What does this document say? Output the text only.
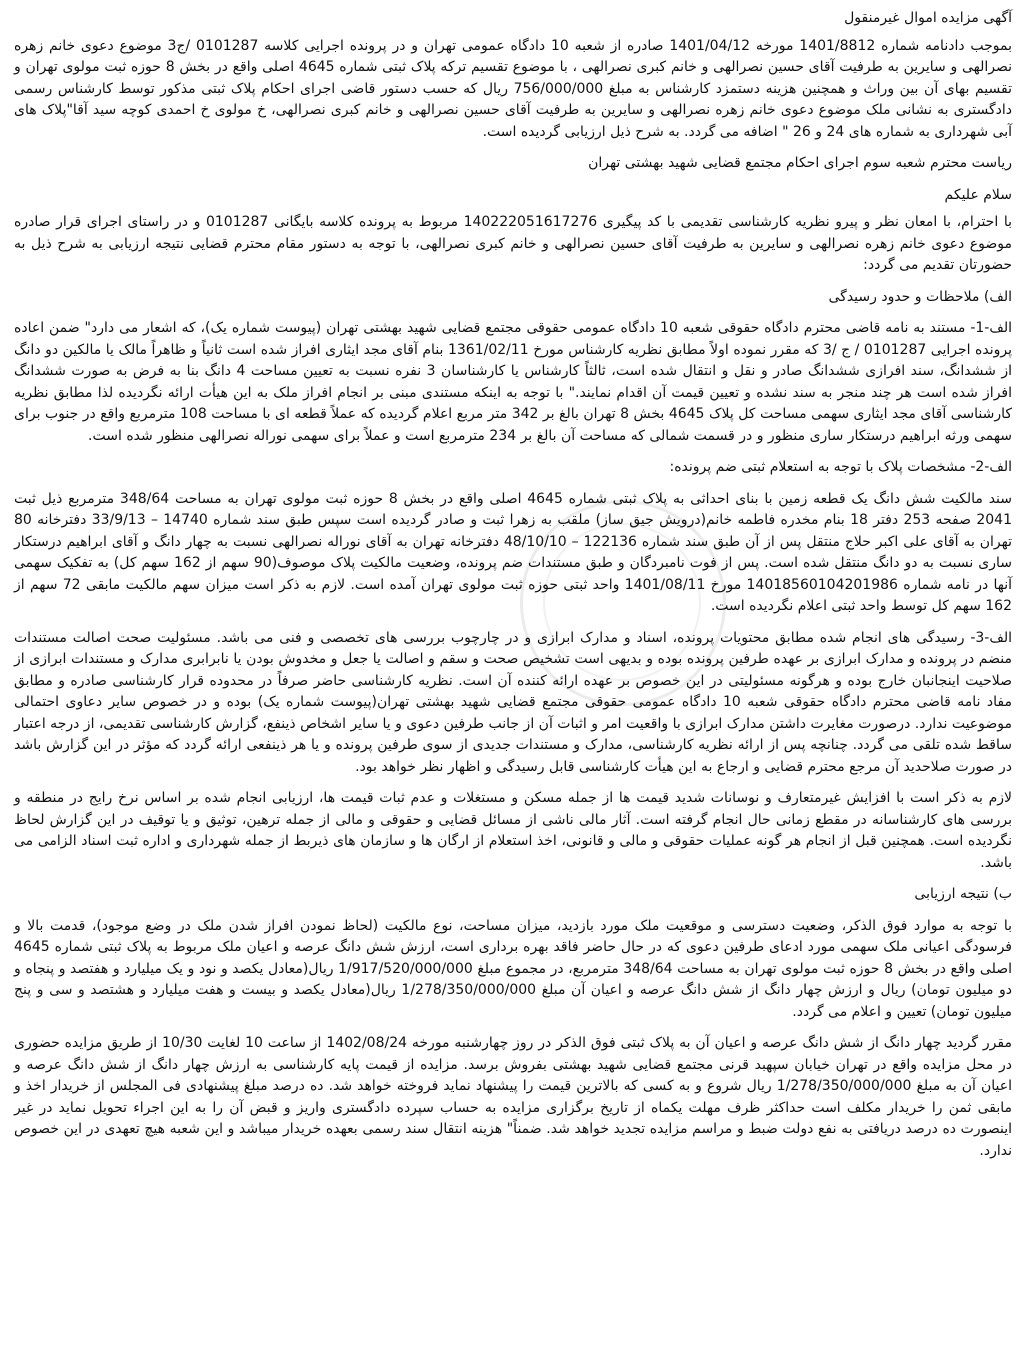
آگهی مزایده اموال غیرمنقول

بموجب دادنامه شماره 1401/8812 مورخه 1401/04/12 صادره از شعبه 10 دادگاه عمومی تهران و در پرونده اجرایی کلاسه 0101287 /ج3 موضوع دعوی خانم زهره نصرالهی و سایرین به طرفیت آقای حسین نصرالهی و خانم کبری نصرالهی ، با موضوع تقسیم ترکه پلاک ثبتی شماره 4645 اصلی واقع در بخش 8 حوزه ثبت مولوی تهران و تقسیم بهای آن بین وراث و همچنین هزینه دستمزد کارشناس به مبلغ 756/000/000 ریال که حسب دستور قاضی اجرای احکام پلاک ثبتی مذکور توسط کارشناس رسمی دادگستری به نشانی ملک موضوع دعوی خانم زهره نصرالهی و سایرین به طرفیت آقای حسین نصرالهی و خانم کبری نصرالهی، خ مولوی خ احمدی کوچه سید آقا"پلاک های آبی شهرداری به شماره های 24 و 26 " اضافه می گردد. به شرح ذیل ارزیابی گردیده است.

ریاست محترم شعبه سوم اجرای احکام مجتمع قضایی شهید بهشتی تهران

سلام علیکم

با احترام، با امعان نظر و پیرو نظریه کارشناسی تقدیمی با کد پیگیری 140222051617276 مربوط به پرونده کلاسه بایگانی 0101287 و در راستای اجرای قرار صادره موضوع دعوی خانم زهره نصرالهی و سایرین به طرفیت آقای حسین نصرالهی و خانم کبری نصرالهی، با توجه به دستور مقام محترم قضایی نتیجه ارزیابی به شرح ذیل به حضورتان تقدیم می گردد:

الف) ملاحظات و حدود رسیدگی

الف-1- مستند به نامه قاضی محترم دادگاه حقوقی شعبه 10 دادگاه عمومی حقوقی مجتمع قضایی شهید بهشتی تهران (پیوست شماره یک)، که اشعار می دارد" ضمن اعاده پرونده اجرایی 0101287 / ج /3 که مقرر نموده اولاً مطابق نظریه کارشناس مورخ 1361/02/11 بنام آقای مجد ایثاری افراز شده است ثانیاً و ظاهراً مالک یا مالکین دو دانگ از ششدانگ، سند افرازی ششدانگ صادر و نقل و انتقال شده است، ثالثاً کارشناس یا کارشناسان 3 نفره نسبت به تعیین مساحت 4 دانگ بنا به فرض به صورت ششدانگ افراز شده است هر چند منجر به سند نشده و تعیین قیمت آن اقدام نمایند." با توجه به اینکه مستندی مبنی بر انجام افراز ملک به این هیأت ارائه نگردیده لذا مطابق نظریه کارشناسی آقای مجد ایثاری سهمی مساحت کل پلاک 4645 بخش 8 تهران بالغ بر 342 متر مربع اعلام گردیده که عملاً قطعه ای با مساحت 108 مترمربع واقع در جنوب برای سهمی ورثه ابراهیم درستکار ساری منظور و در قسمت شمالی که مساحت آن بالغ بر 234 مترمربع است و عملاً برای سهمی نوراله نصرالهی منظور شده است.

الف-2- مشخصات پلاک با توجه به استعلام ثبتی ضم پرونده:

سند مالکیت شش دانگ یک قطعه زمین با بنای احداثی به پلاک ثبتی شماره 4645 اصلی واقع در بخش 8 حوزه ثبت مولوی تهران به مساحت 348/64 مترمربع ذیل ثبت 2041 صفحه 253 دفتر 18 بنام مخدره فاطمه خانم(درویش جیق ساز) ملقب به زهرا ثبت و صادر گردیده است سپس طبق سند شماره 14740 – 33/9/13 دفترخانه 80 تهران به آقای علی اکبر حلاج منتقل پس از آن طبق سند شماره 122136 – 48/10/10 دفترخانه تهران به آقای نوراله نصرالهی نسبت به چهار دانگ و آقای ابراهیم درستکار ساری نسبت به دو دانگ منتقل شده است. پس از فوت نامبردگان و طبق مستندات ضم پرونده، وضعیت مالکیت پلاک موصوف(90 سهم از 162 سهم کل) به تفکیک سهمی آنها در نامه شماره 14018560104201986 مورخ 1401/08/11 واحد ثبتی حوزه ثبت مولوی تهران آمده است. لازم به ذکر است میزان سهم مالکیت مابقی 72 سهم از 162 سهم کل توسط واحد ثبتی اعلام نگردیده است.

الف-3- رسیدگی های انجام شده مطابق محتویات پرونده، اسناد و مدارک ابرازی و در چارچوب بررسی های تخصصی و فنی می باشد. مسئولیت صحت اصالت مستندات منضم در پرونده و مدارک ابرازی بر عهده طرفین پرونده بوده و بدیهی است تشخیص صحت و سقم و اصالت یا جعل و مخدوش بودن یا نابرابری مدارک و مستندات ابرازی از صلاحیت اینجانبان خارج بوده و هرگونه مسئولیتی در این خصوص بر عهده ارائه کننده آن است. نظریه کارشناسی حاضر صرفاً در محدوده قرار کارشناسی صادره و مطابق مفاد نامه قاضی محترم دادگاه حقوقی شعبه 10 دادگاه عمومی حقوقی مجتمع قضایی شهید بهشتی تهران(پیوست شماره یک) بوده و در خصوص سایر دعاوی احتمالی موضوعیت ندارد. درصورت مغایرت داشتن مدارک ابرازی با واقعیت امر و اثبات آن از جانب طرفین دعوی و یا سایر اشخاص ذینفع، گزارش کارشناسی تقدیمی، از درجه اعتبار ساقط شده تلقی می گردد. چنانچه پس از ارائه نظریه کارشناسی، مدارک و مستندات جدیدی از سوی طرفین پرونده و یا هر ذینفعی ارائه گردد که مؤثر در این گزارش باشد در صورت صلاحدید آن مرجع محترم قضایی و ارجاع به این هیأت کارشناسی قابل رسیدگی و اظهار نظر خواهد بود.

لازم به ذکر است با افزایش غیرمتعارف و نوسانات شدید قیمت ها از جمله مسکن و مستغلات و عدم ثبات قیمت ها، ارزیابی انجام شده بر اساس نرخ رایج در منطقه و بررسی های کارشناسانه در مقطع زمانی حال انجام گرفته است. آثار مالی ناشی از مسائل قضایی و حقوقی و مالی از جمله ترهین، توثیق و یا توقیف در این گزارش لحاظ نگردیده است. همچنین قبل از انجام هر گونه عملیات حقوقی و مالی و قانونی، اخذ استعلام از ارگان ها و سازمان های ذیربط از جمله شهرداری و اداره ثبت اسناد الزامی می باشد.

ب) نتیجه ارزیابی

با توجه به موارد فوق الذکر، وضعیت دسترسی و موقعیت ملک مورد بازدید، میزان مساحت، نوع مالکیت (لحاظ نمودن افراز شدن ملک در وضع موجود)، قدمت بالا و فرسودگی اعیانی ملک سهمی مورد ادعای طرفین دعوی که در حال حاضر فاقد بهره برداری است، ارزش شش دانگ عرصه و اعیان ملک مربوط به پلاک ثبتی شماره 4645 اصلی واقع در بخش 8 حوزه ثبت مولوی تهران به مساحت 348/64 مترمربع، در مجموع مبلغ 1/917/520/000/000 ریال(معادل یکصد و نود و یک میلیارد و هفتصد و پنجاه و دو میلیون تومان) ریال و ارزش چهار دانگ از شش دانگ عرصه و اعیان آن مبلغ 1/278/350/000/000 ریال(معادل یکصد و بیست و هفت میلیارد و هشتصد و سی و پنج میلیون تومان) تعیین و اعلام می گردد.

مقرر گردید چهار دانگ از شش دانگ عرصه و اعیان آن به پلاک ثبتی فوق الذکر در روز چهارشنبه مورخه 1402/08/24 از ساعت 10 لغایت 10/30 از طریق مزایده حضوری در محل مزایده واقع در تهران خیابان سپهبد قرنی مجتمع قضایی شهید بهشتی بفروش برسد. مزایده از قیمت پایه کارشناسی به ارزش چهار دانگ از شش دانگ عرصه و اعیان آن به مبلغ 1/278/350/000/000 ریال شروع و به کسی که بالاترین قیمت را پیشنهاد نماید فروخته خواهد شد. ده درصد مبلغ پیشنهادی فی المجلس از خریدار اخذ و مابقی ثمن را خریدار مکلف است حداکثر ظرف مهلت یکماه از تاریخ برگزاری مزایده به حساب سپرده دادگستری واریز و قبض آن را به این اجراء تحویل نماید در غیر اینصورت ده درصد دریافتی به نفع دولت ضبط و مراسم مزایده تجدید خواهد شد. ضمناً" هزینه انتقال سند رسمی بعهده خریدار میباشد و این شعبه هیچ تعهدی در این خصوص ندارد.
